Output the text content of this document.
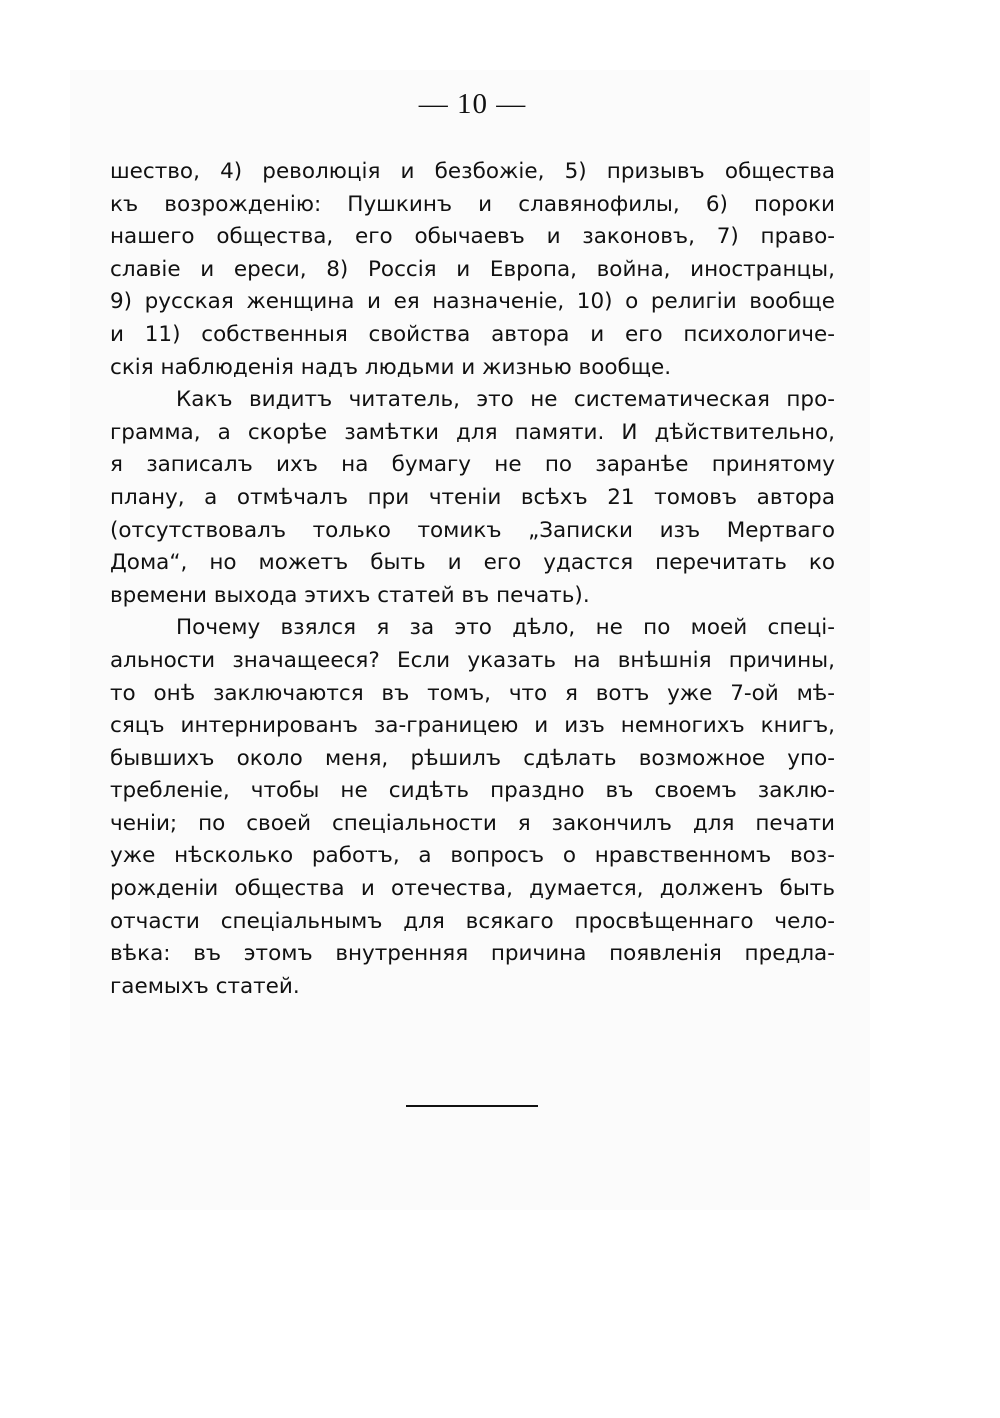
— 10 —
шество, 4) революція и безбожіе, 5) призывъ общества
къ возрожденію: Пушкинъ и славянофилы, 6) пороки
нашего общества, его обычаевъ и законовъ, 7) право-
славіе и ереси, 8) Россія и Европа, война, иностранцы,
9) русская женщина и ея назначеніе, 10) о религіи вообще
и 11) собственныя свойства автора и его психологиче-
скія наблюденія надъ людьми и жизнью вообще.
Какъ видитъ читатель, это не систематическая про-
грамма, а скорѣе замѣтки для памяти. И дѣйствительно,
я записалъ ихъ на бумагу не по заранѣе принятому
плану, а отмѣчалъ при чтеніи всѣхъ 21 томовъ автора
(отсутствовалъ только томикъ „Записки изъ Мертваго
Дома“, но можетъ быть и его удастся перечитать ко
времени выхода этихъ статей въ печать).
Почему взялся я за это дѣло, не по моей спеці-
альности значащееся? Если указать на внѣшнія причины,
то онѣ заключаются въ томъ, что я вотъ уже 7-ой мѣ-
сяцъ интернированъ за-границею и изъ немногихъ книгъ,
бывшихъ около меня, рѣшилъ сдѣлать возможное упо-
требленіе, чтобы не сидѣть праздно въ своемъ заклю-
ченіи; по своей спеціальности я закончилъ для печати
уже нѣсколько работъ, а вопросъ о нравственномъ воз-
рожденіи общества и отечества, думается, долженъ быть
отчасти спеціальнымъ для всякаго просвѣщеннаго чело-
вѣка: въ этомъ внутренняя причина появленія предла-
гаемыхъ статей.
